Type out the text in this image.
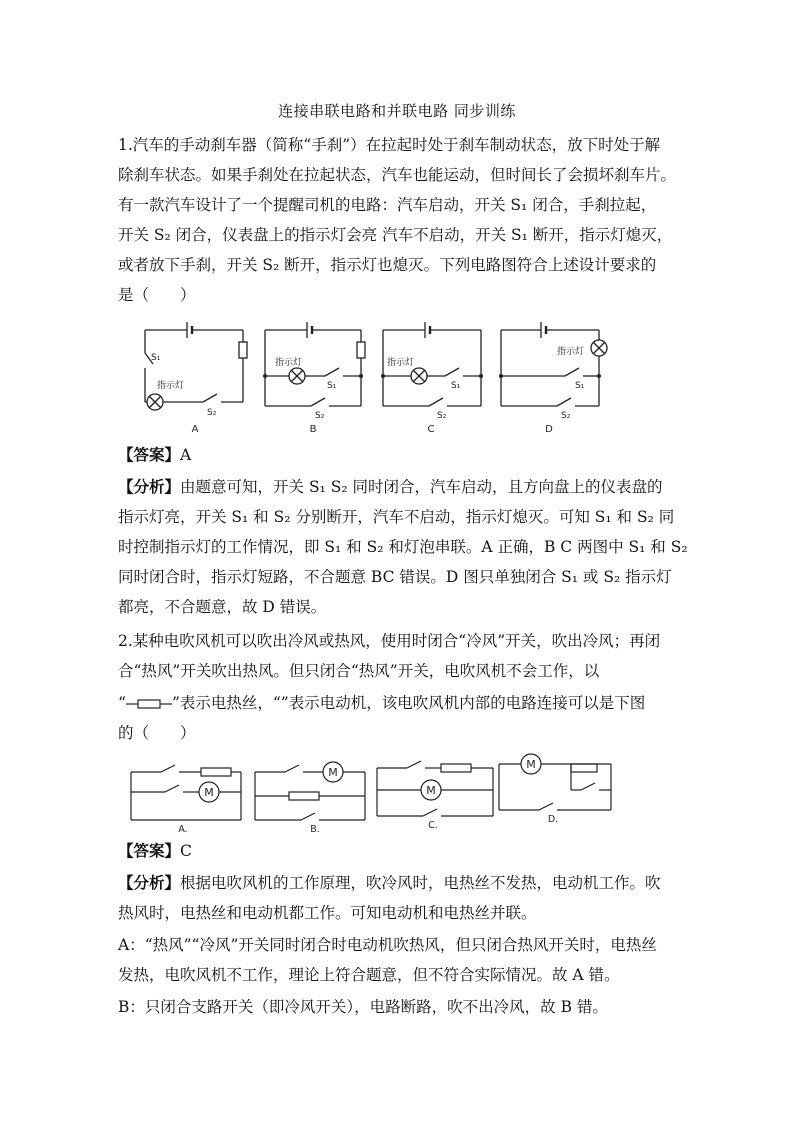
连接串联电路和并联电路 同步训练
1.汽车的手动刹车器（简称“手刹”）在拉起时处于刹车制动状态，放下时处于解
除刹车状态。如果手刹处在拉起状态，汽车也能运动，但时间长了会损坏刹车片。
有一款汽车设计了一个提醒司机的电路：汽车启动，开关 S₁ 闭合，手刹拉起，
开关 S₂ 闭合，仪表盘上的指示灯会亮 汽车不启动，开关 S₁ 断开，指示灯熄灭，
或者放下手刹，开关 S₂ 断开，指示灯也熄灭。下列电路图符合上述设计要求的
是（　　）
S₁
指示灯
S₂
指示灯
S₁
S₂
指示灯
S₁
S₂
指示灯
S₁
S₂
A	B	C	D
【答案】A
【分析】由题意可知，开关 S₁ S₂ 同时闭合，汽车启动，且方向盘上的仪表盘的
指示灯亮，开关 S₁ 和 S₂ 分别断开，汽车不启动，指示灯熄灭。可知 S₁ 和 S₂ 同
时控制指示灯的工作情况，即 S₁ 和 S₂ 和灯泡串联。A 正确，B C 两图中 S₁ 和 S₂
同时闭合时，指示灯短路，不合题意 BC 错误。D 图只单独闭合 S₁ 或 S₂ 指示灯
都亮，不合题意，故 D 错误。
2.某种电吹风机可以吹出冷风或热风，使用时闭合“冷风”开关，吹出冷风；再闭
合“热风”开关吹出热风。但只闭合“热风”开关，电吹风机不会工作，以
“	”表示电热丝，“”表示电动机，该电吹风机内部的电路连接可以是下图
的（　　）
M
M
M
M
A.	B.	C.
D.
【答案】C
【分析】根据电吹风机的工作原理，吹冷风时，电热丝不发热，电动机工作。吹
热风时，电热丝和电动机都工作。可知电动机和电热丝并联。
A：“热风”“冷风”开关同时闭合时电动机吹热风，但只闭合热风开关时，电热丝
发热，电吹风机不工作，理论上符合题意，但不符合实际情况。故 A 错。
B：只闭合支路开关（即冷风开关），电路断路，吹不出冷风，故 B 错。
